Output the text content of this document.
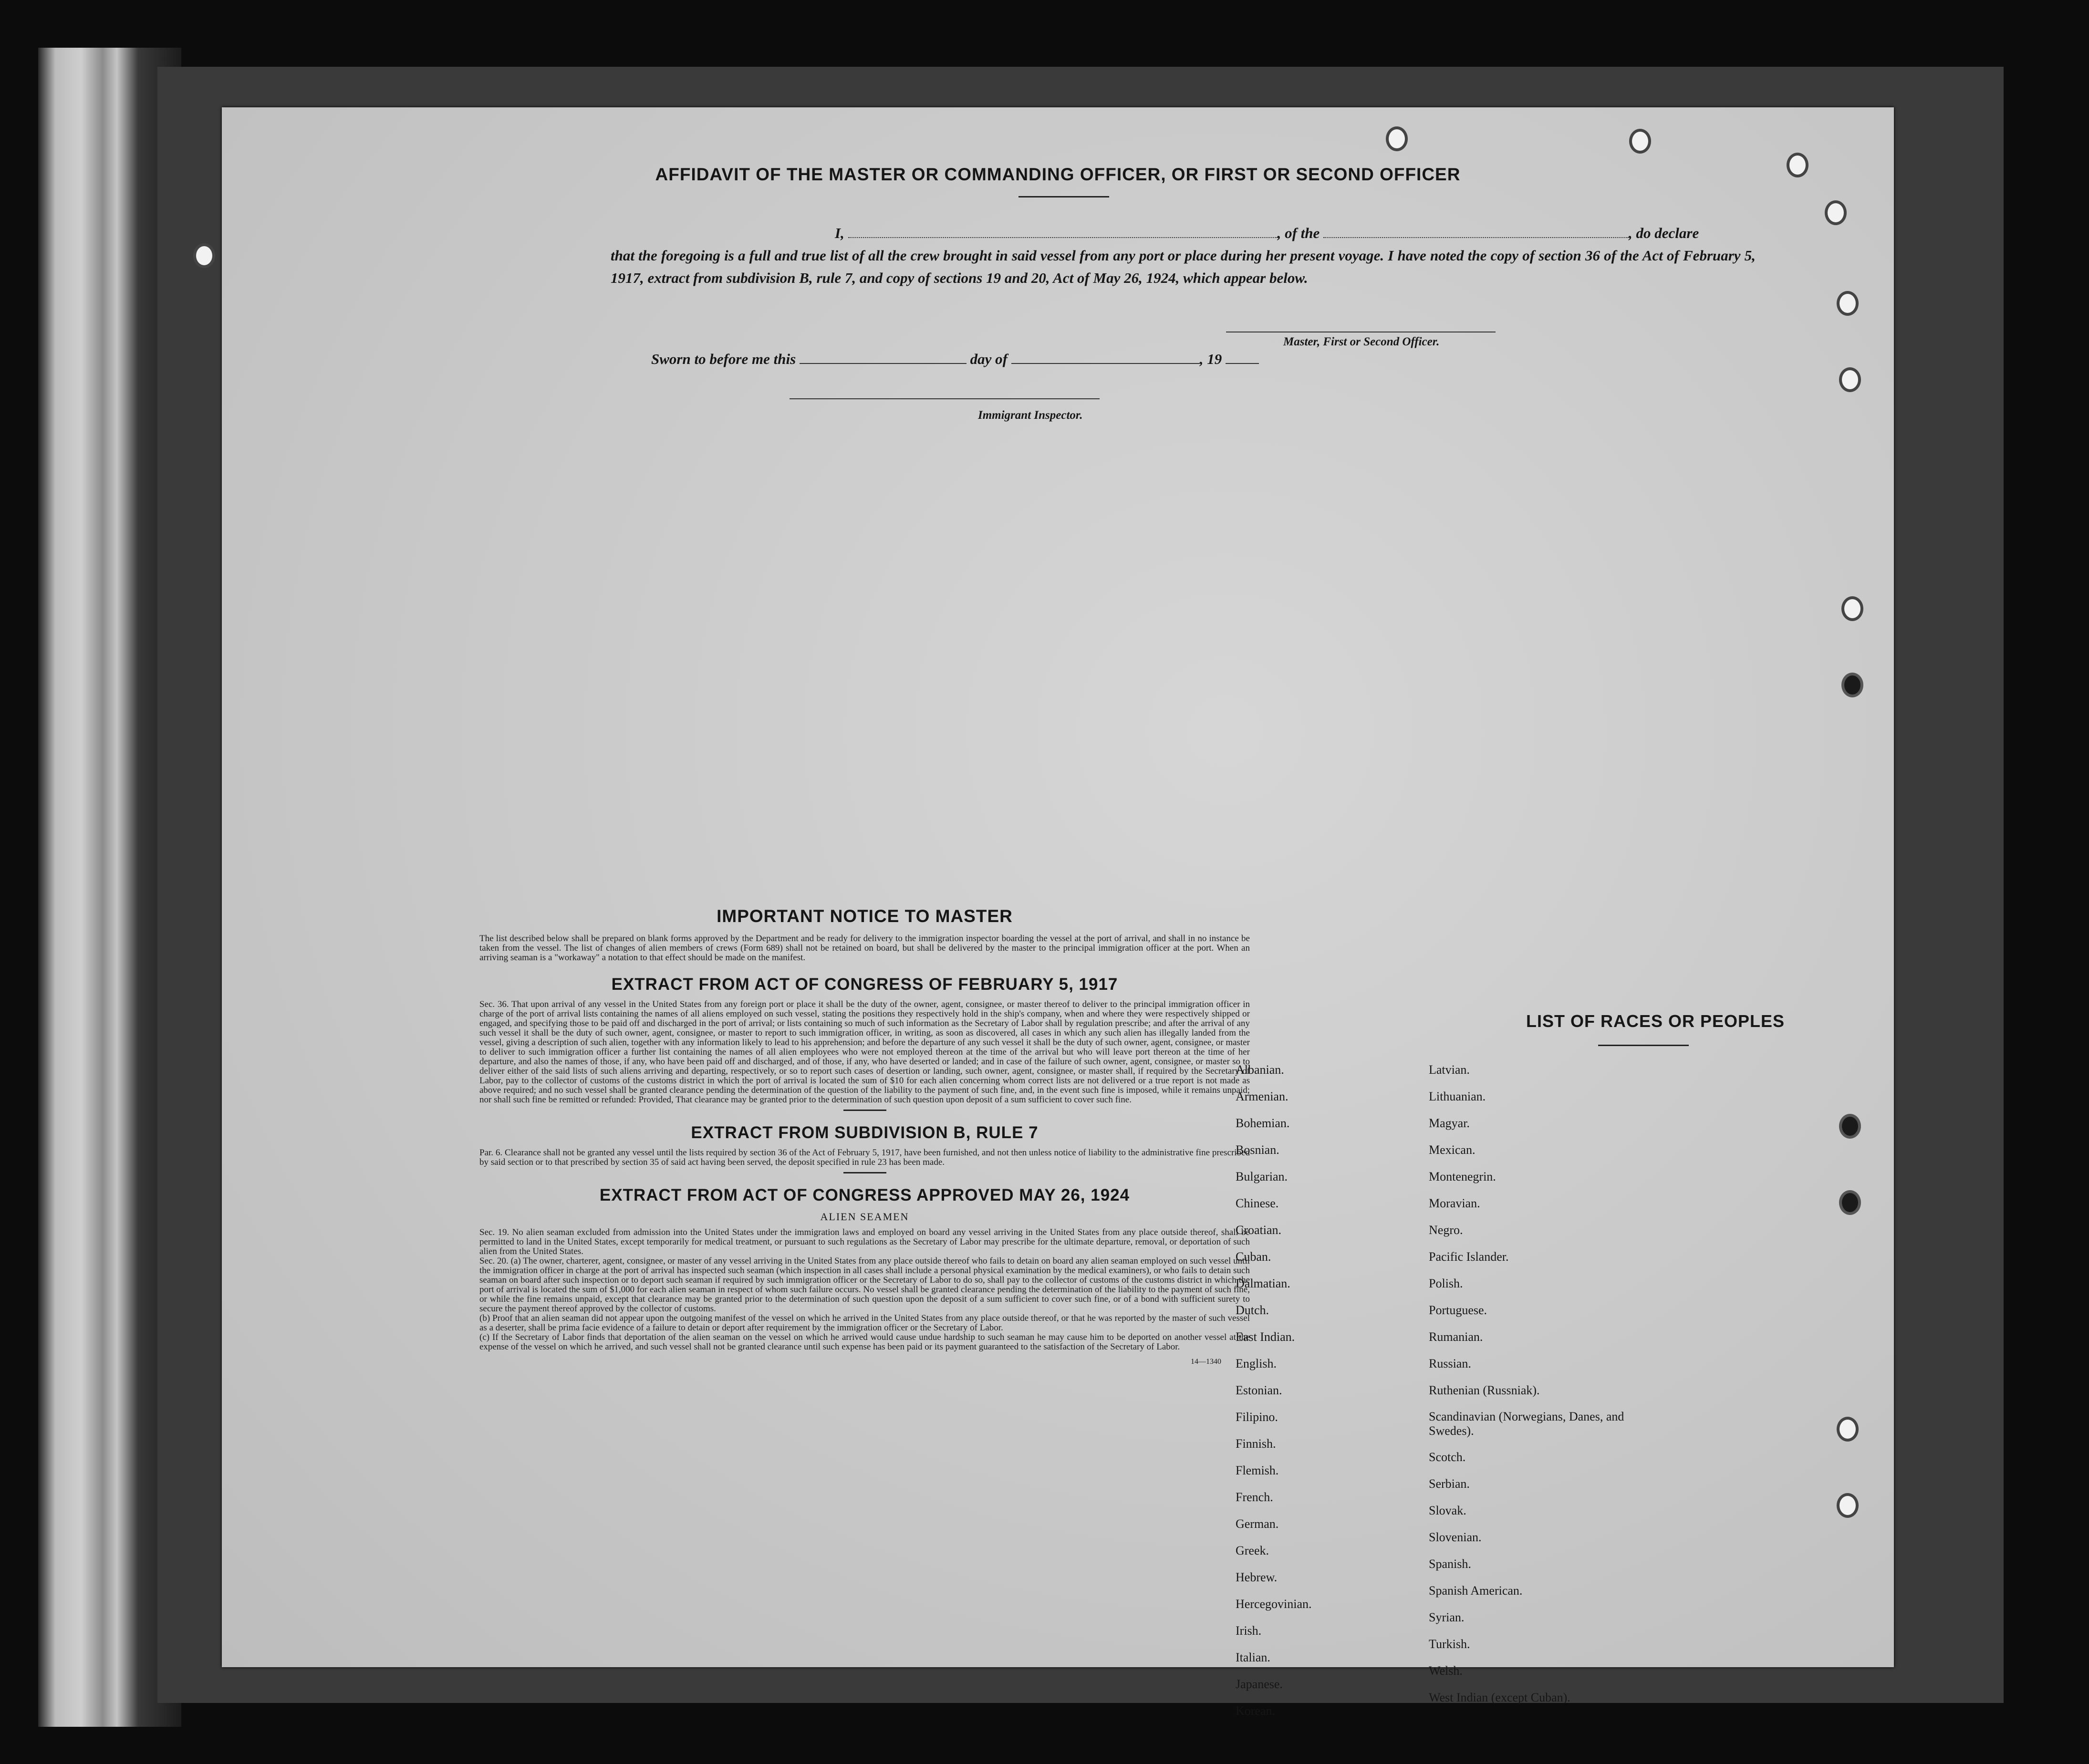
AFFIDAVIT OF THE MASTER OR COMMANDING OFFICER, OR FIRST OR SECOND OFFICER
I,	, of the	, do declare
that the foregoing is a full and true list of all the crew brought in said vessel from any port or place during her present voyage. I have noted the copy of section 36 of the Act of February 5, 1917, extract from subdivision B, rule 7, and copy of sections 19 and 20, Act of May 26, 1924, which appear below.
Master, First or Second Officer.
Sworn to before me this	day of	, 19
Immigrant Inspector.
IMPORTANT NOTICE TO MASTER
The list described below shall be prepared on blank forms approved by the Department and be ready for delivery to the immigration inspector boarding the vessel at the port of arrival, and shall in no instance be taken from the vessel. The list of changes of alien members of crews (Form 689) shall not be retained on board, but shall be delivered by the master to the principal immigration officer at the port. When an arriving seaman is a "workaway" a notation to that effect should be made on the manifest.
EXTRACT FROM ACT OF CONGRESS OF FEBRUARY 5, 1917
Sec. 36. That upon arrival of any vessel in the United States from any foreign port or place it shall be the duty of the owner, agent, consignee, or master thereof to deliver to the principal immigration officer in charge of the port of arrival lists containing the names of all aliens employed on such vessel, stating the positions they respectively hold in the ship's company, when and where they were respectively shipped or engaged, and specifying those to be paid off and discharged in the port of arrival; or lists containing so much of such information as the Secretary of Labor shall by regulation prescribe; and after the arrival of any such vessel it shall be the duty of such owner, agent, consignee, or master to report to such immigration officer, in writing, as soon as discovered, all cases in which any such alien has illegally landed from the vessel, giving a description of such alien, together with any information likely to lead to his apprehension; and before the departure of any such vessel it shall be the duty of such owner, agent, consignee, or master to deliver to such immigration officer a further list containing the names of all alien employees who were not employed thereon at the time of the arrival but who will leave port thereon at the time of her departure, and also the names of those, if any, who have been paid off and discharged, and of those, if any, who have deserted or landed; and in case of the failure of such owner, agent, consignee, or master so to deliver either of the said lists of such aliens arriving and departing, respectively, or so to report such cases of desertion or landing, such owner, agent, consignee, or master shall, if required by the Secretary of Labor, pay to the collector of customs of the customs district in which the port of arrival is located the sum of $10 for each alien concerning whom correct lists are not delivered or a true report is not made as above required; and no such vessel shall be granted clearance pending the determination of the question of the liability to the payment of such fine, and, in the event such fine is imposed, while it remains unpaid; nor shall such fine be remitted or refunded: Provided, That clearance may be granted prior to the determination of such question upon deposit of a sum sufficient to cover such fine.
EXTRACT FROM SUBDIVISION B, RULE 7
Par. 6. Clearance shall not be granted any vessel until the lists required by section 36 of the Act of February 5, 1917, have been furnished, and not then unless notice of liability to the administrative fine prescribed by said section or to that prescribed by section 35 of said act having been served, the deposit specified in rule 23 has been made.
EXTRACT FROM ACT OF CONGRESS APPROVED MAY 26, 1924
ALIEN SEAMEN
Sec. 19. No alien seaman excluded from admission into the United States under the immigration laws and employed on board any vessel arriving in the United States from any place outside thereof, shall be permitted to land in the United States, except temporarily for medical treatment, or pursuant to such regulations as the Secretary of Labor may prescribe for the ultimate departure, removal, or deportation of such alien from the United States.
Sec. 20. (a) The owner, charterer, agent, consignee, or master of any vessel arriving in the United States from any place outside thereof who fails to detain on board any alien seaman employed on such vessel until the immigration officer in charge at the port of arrival has inspected such seaman (which inspection in all cases shall include a personal physical examination by the medical examiners), or who fails to detain such seaman on board after such inspection or to deport such seaman if required by such immigration officer or the Secretary of Labor to do so, shall pay to the collector of customs of the customs district in which the port of arrival is located the sum of $1,000 for each alien seaman in respect of whom such failure occurs. No vessel shall be granted clearance pending the determination of the liability to the payment of such fine, or while the fine remains unpaid, except that clearance may be granted prior to the determination of such question upon the deposit of a sum sufficient to cover such fine, or of a bond with sufficient surety to secure the payment thereof approved by the collector of customs.
(b) Proof that an alien seaman did not appear upon the outgoing manifest of the vessel on which he arrived in the United States from any place outside thereof, or that he was reported by the master of such vessel as a deserter, shall be prima facie evidence of a failure to detain or deport after requirement by the immigration officer or the Secretary of Labor.
(c) If the Secretary of Labor finds that deportation of the alien seaman on the vessel on which he arrived would cause undue hardship to such seaman he may cause him to be deported on another vessel at the expense of the vessel on which he arrived, and such vessel shall not be granted clearance until such expense has been paid or its payment guaranteed to the satisfaction of the Secretary of Labor.
14—1340
LIST OF RACES OR PEOPLES
Albanian.
Armenian.
Bohemian.
Bosnian.
Bulgarian.
Chinese.
Croatian.
Cuban.
Dalmatian.
Dutch.
East Indian.
English.
Estonian.
Filipino.
Finnish.
Flemish.
French.
German.
Greek.
Hebrew.
Hercegovinian.
Irish.
Italian.
Japanese.
Korean.
Latvian.
Lithuanian.
Magyar.
Mexican.
Montenegrin.
Moravian.
Negro.
Pacific Islander.
Polish.
Portuguese.
Rumanian.
Russian.
Ruthenian (Russniak).
Scandinavian (Norwegians, Danes, and Swedes).
Scotch.
Serbian.
Slovak.
Slovenian.
Spanish.
Spanish American.
Syrian.
Turkish.
Welsh.
West Indian (except Cuban).
